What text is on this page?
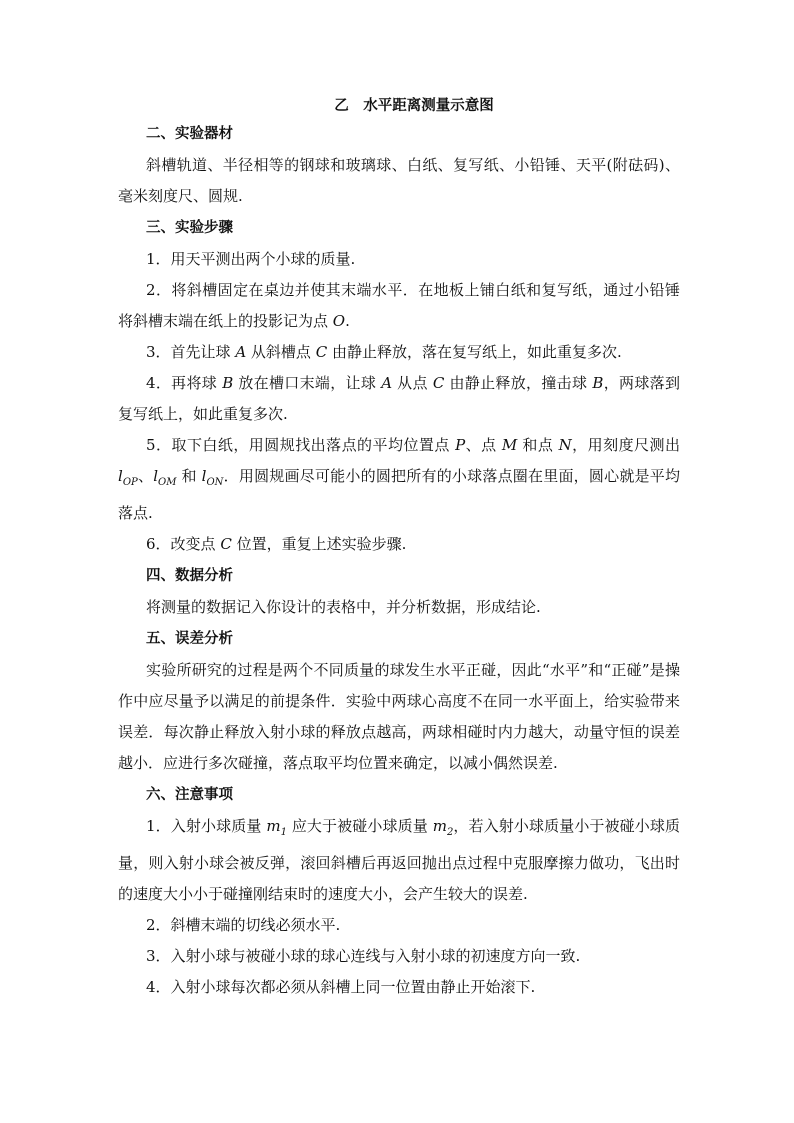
乙　水平距离测量示意图
二、实验器材

斜槽轨道、半径相等的钢球和玻璃球、白纸、复写纸、小铅锤、天平(附砝码)、毫米刻度尺、圆规.

三、实验步骤

1．用天平测出两个小球的质量.

2．将斜槽固定在桌边并使其末端水平．在地板上铺白纸和复写纸，通过小铅锤将斜槽末端在纸上的投影记为点 O.

3．首先让球 A 从斜槽点 C 由静止释放，落在复写纸上，如此重复多次.

4．再将球 B 放在槽口末端，让球 A 从点 C 由静止释放，撞击球 B，两球落到复写纸上，如此重复多次.

5．取下白纸，用圆规找出落点的平均位置点 P、点 M 和点 N，用刻度尺测出 $l_{OP}$、$l_{OM}$ 和 $l_{ON}$．用圆规画尽可能小的圆把所有的小球落点圈在里面，圆心就是平均落点.

6．改变点 C 位置，重复上述实验步骤.

四、数据分析

将测量的数据记入你设计的表格中，并分析数据，形成结论.

五、误差分析

实验所研究的过程是两个不同质量的球发生水平正碰，因此“水平”和“正碰”是操作中应尽量予以满足的前提条件．实验中两球心高度不在同一水平面上，给实验带来误差．每次静止释放入射小球的释放点越高，两球相碰时内力越大，动量守恒的误差越小．应进行多次碰撞，落点取平均位置来确定，以减小偶然误差.

六、注意事项

1．入射小球质量 $m_1$ 应大于被碰小球质量 $m_2$，若入射小球质量小于被碰小球质量，则入射小球会被反弹，滚回斜槽后再返回抛出点过程中克服摩擦力做功，飞出时的速度大小小于碰撞刚结束时的速度大小，会产生较大的误差.

2．斜槽末端的切线必须水平.

3．入射小球与被碰小球的球心连线与入射小球的初速度方向一致.

4．入射小球每次都必须从斜槽上同一位置由静止开始滚下.
